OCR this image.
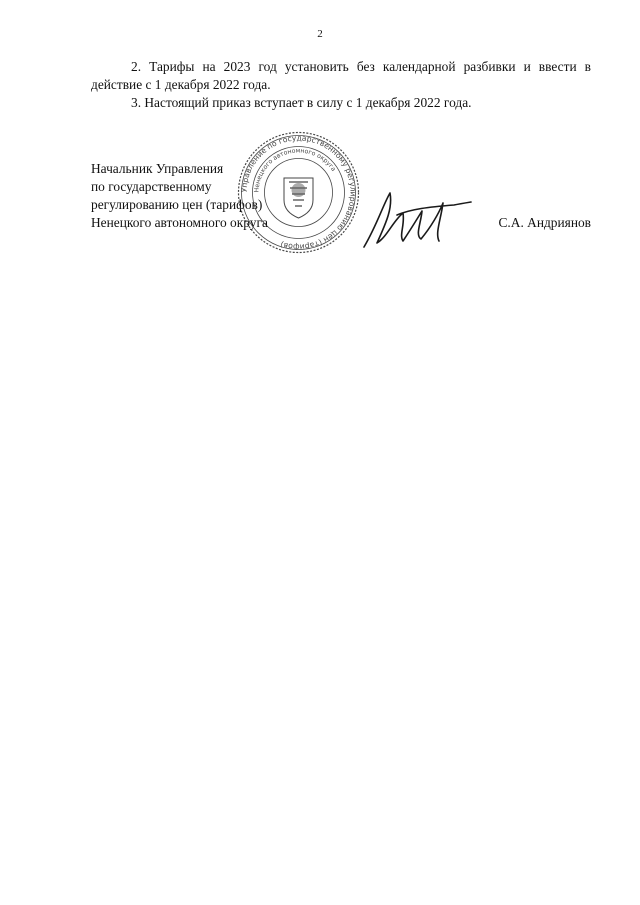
2

2. Тарифы на 2023 год установить без календарной разбивки и ввести в действие с 1 декабря 2022 года.

3. Настоящий приказ вступает в силу с 1 декабря 2022 года.

Начальник Управления
по государственному
регулированию цен (тарифов)
Ненецкого автономного округа
Управление по государственному регулированию цен (тарифов)
Ненецкого автономного округа
С.А. Андриянов
